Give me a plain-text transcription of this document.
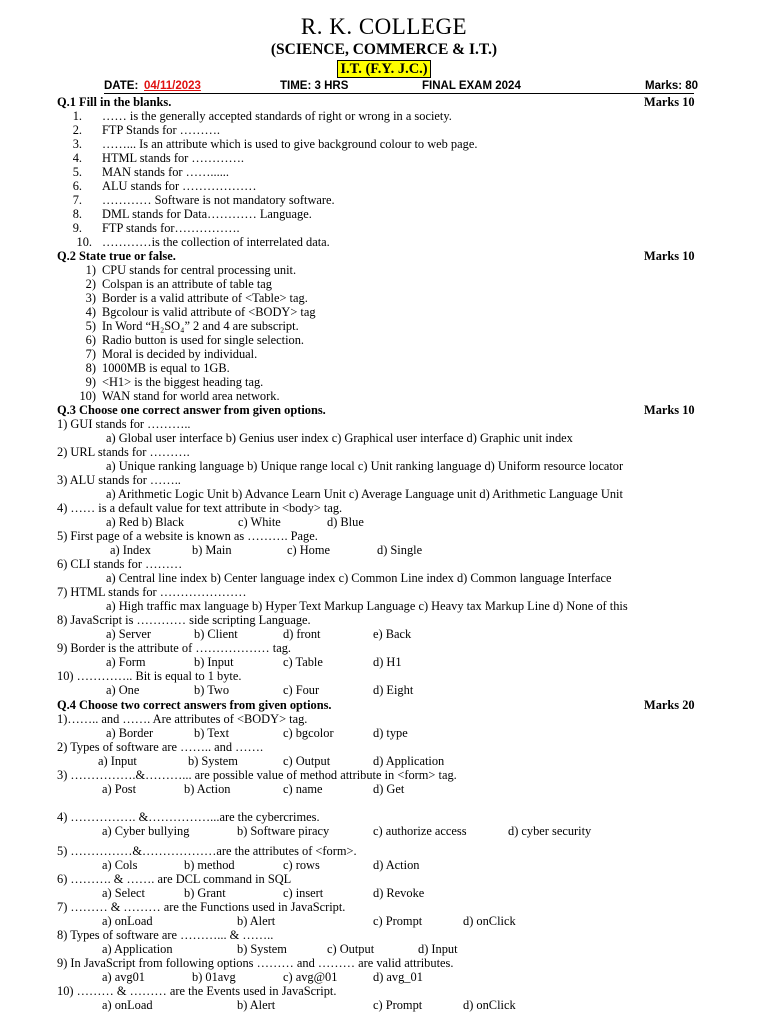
R. K. COLLEGE
(SCIENCE, COMMERCE & I.T.)
I.T. (F.Y. J.C.)
DATE: 04/11/2023	TIME: 3 HRS	FINAL EXAM 2024	Marks: 80
Q.1 Fill in the blanks.	Marks 10
1. …… is the generally accepted standards of right or wrong in a society.
2. FTP Stands for ……….
3. ……... Is an attribute which is used to give background colour to web page.
4. HTML stands for ………….
5. MAN stands for ……......
6. ALU stands for ………………
7. ………… Software is not mandatory software.
8. DML stands for Data………… Language.
9. FTP stands for…………….
10. …………is the collection of interrelated data.
Q.2 State true or false.	Marks 10
1) CPU stands for central processing unit.
2) Colspan is an attribute of table tag
3) Border is a valid attribute of <Table> tag.
4) Bgcolour is valid attribute of <BODY> tag
5) In Word “H₂SO₄” 2 and 4 are subscript.
6) Radio button is used for single selection.
7) Moral is decided by individual.
8) 1000MB is equal to 1GB.
9) <H1> is the biggest heading tag.
10) WAN stand for world area network.
Q.3 Choose one correct answer from given options.	Marks 10
1) GUI stands for ………..
a) Global user interface b) Genius user index c) Graphical user interface d) Graphic unit index
2) URL stands for ……….
a) Unique ranking language b) Unique range local c) Unit ranking language d) Uniform resource locator
3) ALU stands for ……..
a) Arithmetic Logic Unit b) Advance Learn Unit c) Average Language unit d) Arithmetic Language Unit
4) …… is a default value for text attribute in <body> tag.
a) Red b) Black	c) White	d) Blue
5) First page of a website is known as ………. Page.
a) Index	b) Main	c) Home	d) Single
6) CLI stands for ………
a) Central line index b) Center language index c) Common Line index d) Common language Interface
7) HTML stands for …………………
a) High traffic max language b) Hyper Text Markup Language c) Heavy tax Markup Line d) None of this
8) JavaScript is ………… side scripting Language.
a) Server	b) Client	d) front	e) Back
9) Border is the attribute of ……………… tag.
a) Form	b) Input	c) Table	d) H1
10) ………….. Bit is equal to 1 byte.
a) One	b) Two	c) Four	d) Eight
Q.4 Choose two correct answers from given options.	Marks 20
1)…….. and ……. Are attributes of <BODY> tag.
a) Border	b) Text	c) bgcolor	d) type
2) Types of software are …….. and …….
a) Input	b) System	c) Output	d) Application
3) …………….&………... are possible value of method attribute in <form> tag.
a) Post	b) Action	c) name	d) Get
4) ……………. &……………...are the cybercrimes.
a) Cyber bullying	b) Software piracy	c) authorize access	d) cyber security
5) ……………&………………are the attributes of <form>.
a) Cols	b) method	c) rows	d) Action
6) ………. & ……. are DCL command in SQL
a) Select	b) Grant	c) insert	d) Revoke
7) ……… & ……… are the Functions used in JavaScript.
a) onLoad	b) Alert	c) Prompt	d) onClick
8) Types of software are ………... & ……..
a) Application	b) System	c) Output	d) Input
9) In JavaScript from following options ……… and ……… are valid attributes.
a) avg01	b) 01avg	c) avg@01	d) avg_01
10) ……… & ……… are the Events used in JavaScript.
a) onLoad	b) Alert	c) Prompt	d) onClick
